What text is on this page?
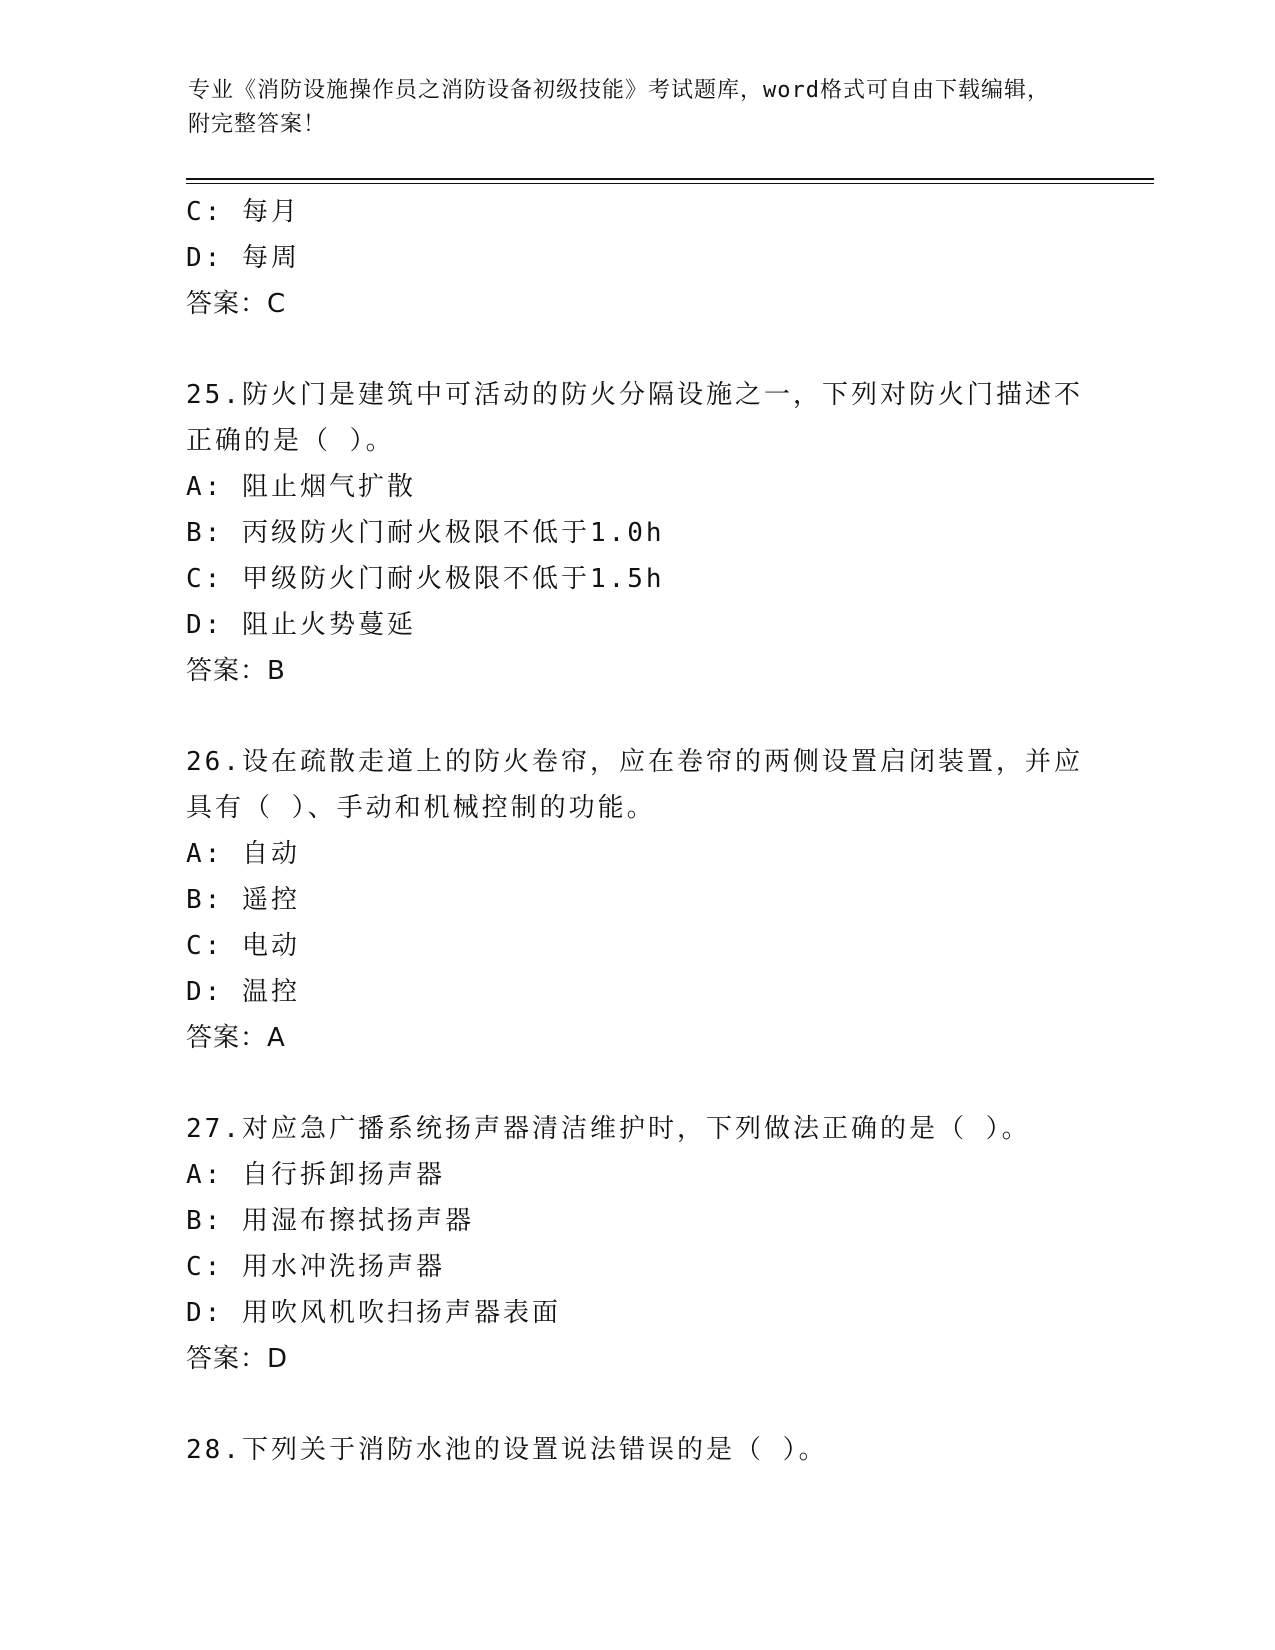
专业《消防设施操作员之消防设备初级技能》考试题库，word格式可自由下载编辑，附完整答案！
C: 每月
D: 每周
答案：C
25.防火门是建筑中可活动的防火分隔设施之一，下列对防火门描述不
正确的是（ ）。
A: 阻止烟气扩散
B: 丙级防火门耐火极限不低于1.0h
C: 甲级防火门耐火极限不低于1.5h
D: 阻止火势蔓延
答案：B
26.设在疏散走道上的防火卷帘，应在卷帘的两侧设置启闭装置，并应
具有（ ）、手动和机械控制的功能。
A: 自动
B: 遥控
C: 电动
D: 温控
答案：A
27.对应急广播系统扬声器清洁维护时，下列做法正确的是（ ）。
A: 自行拆卸扬声器
B: 用湿布擦拭扬声器
C: 用水冲洗扬声器
D: 用吹风机吹扫扬声器表面
答案：D
28.下列关于消防水池的设置说法错误的是（ ）。
